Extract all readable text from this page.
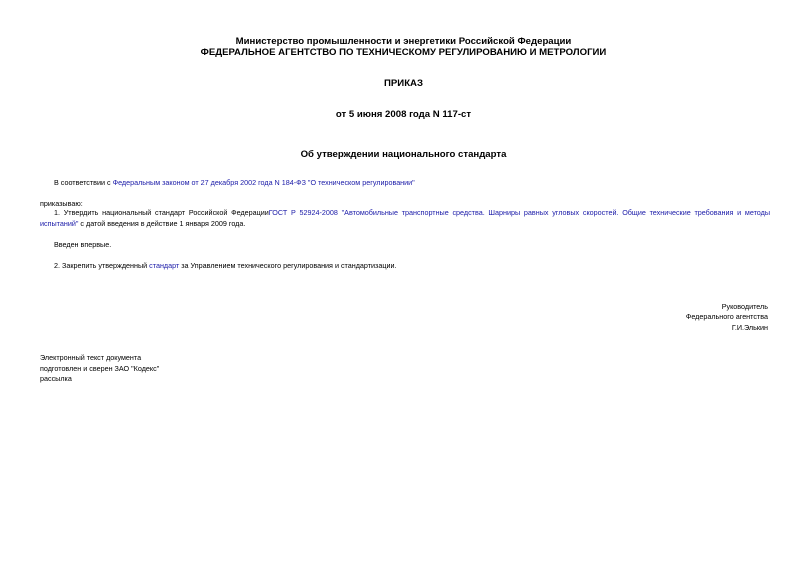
Министерство промышленности и энергетики Российской Федерации
ФЕДЕРАЛЬНОЕ АГЕНТСТВО ПО ТЕХНИЧЕСКОМУ РЕГУЛИРОВАНИЮ И МЕТРОЛОГИИ
ПРИКАЗ
от 5 июня 2008 года N 117-ст
Об утверждении национального стандарта
В соответствии с Федеральным законом от 27 декабря 2002 года N 184-ФЗ "О техническом регулировании"
приказываю:
1. Утвердить национальный стандарт Российской ФедерацииГОСТ Р 52924-2008 "Автомобильные транспортные средства. Шарниры равных угловых скоростей. Общие технические требования и методы
испытаний" с датой введения в действие 1 января 2009 года.
Введен впервые.
2. Закрепить утвержденный стандарт за Управлением технического регулирования и стандартизации.
Руководитель
Федерального агентства
Г.И.Элькин
Электронный текст документа
подготовлен и сверен ЗАО "Кодекс"
рассылка
